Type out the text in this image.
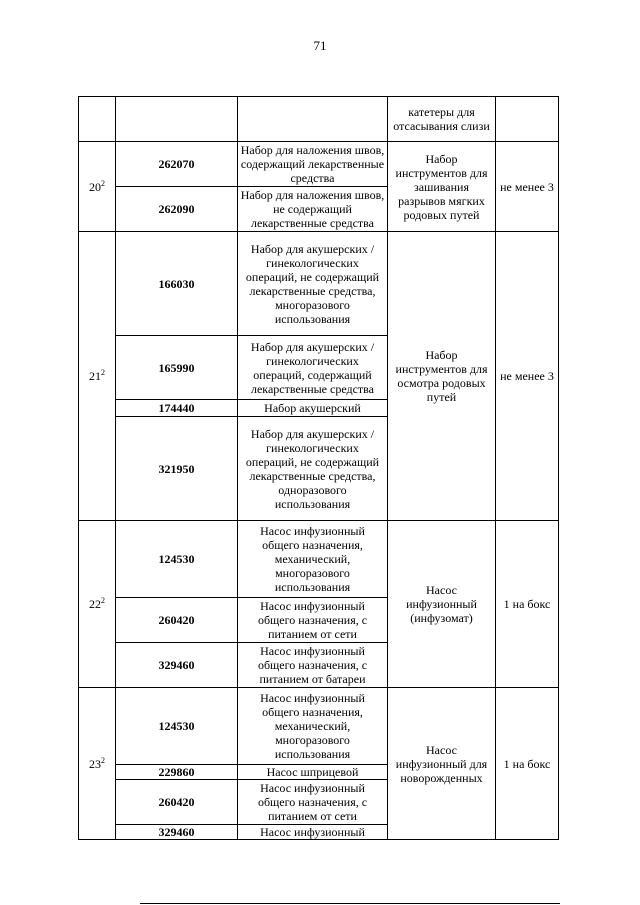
71
			катетеры для отсасывания слизи	
$20^2$	262070	Набор для наложения швов, содержащий лекарственные средства	Набор инструментов для зашивания разрывов мягких родовых путей	не менее 3
	262090	Набор для наложения швов, не содержащий лекарственные средства		
$21^2$	166030	Набор для акушерских /гинекологических операций, не содержащий лекарственные средства, многоразового использования	Набор инструментов для осмотра родовых путей	не менее 3
	165990	Набор для акушерских /гинекологических операций, содержащий лекарственные средства		
	174440	Набор акушерский		
	321950	Набор для акушерских /гинекологических операций, не содержащий лекарственные средства, одноразового использования		
$22^2$	124530	Насос инфузионный общего назначения, механический, многоразового использования	Насос инфузионный (инфузомат)	1 на бокс
	260420	Насос инфузионный общего назначения, с питанием от сети		
	329460	Насос инфузионный общего назначения, с питанием от батареи		
$23^2$	124530	Насос инфузионный общего назначения, механический, многоразового использования	Насос инфузионный для новорожденных	1 на бокс
	229860	Насос шприцевой		
	260420	Насос инфузионный общего назначения, с питанием от сети		
	329460	Насос инфузионный		
